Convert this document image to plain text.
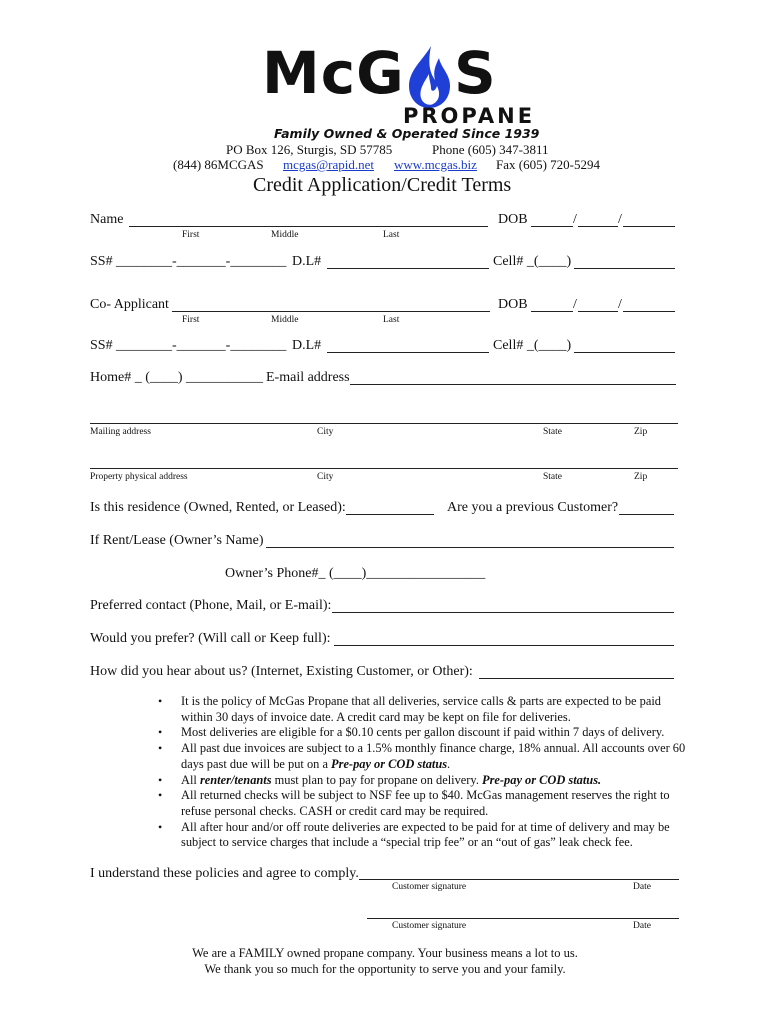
McG S
PROPANE
Family Owned & Operated Since 1939
PO Box 126, Sturgis, SD 57785	Phone (605) 347-3811
(844) 86MCGAS mcgas@rapid.net www.mcgas.biz Fax (605) 720-5294
Credit Application/Credit Terms
Name	DOB	/	/
First	Middle	Last
SS# ________-_______-________ D.L#	Cell# _(____)
Co- Applicant	DOB	/	/
First	Middle	Last
SS# ________-_______-________ D.L#	Cell# _(____)
Home# _ (____) ___________ E-mail address
Mailing address	City	State	Zip
Property physical address	City	State	Zip
Is this residence (Owned, Rented, or Leased):	Are you a previous Customer?
If Rent/Lease (Owner’s Name)
Owner’s Phone#_ (____)_________________
Preferred contact (Phone, Mail, or E-mail):
Would you prefer? (Will call or Keep full):
How did you hear about us? (Internet, Existing Customer, or Other):
• It is the policy of McGas Propane that all deliveries, service calls & parts are expected to be paid within 30 days of invoice date. A credit card may be kept on file for deliveries.
• Most deliveries are eligible for a $0.10 cents per gallon discount if paid within 7 days of delivery.
• All past due invoices are subject to a 1.5% monthly finance charge, 18% annual. All accounts over 60 days past due will be put on a Pre-pay or COD status.
• All renter/tenants must plan to pay for propane on delivery. Pre-pay or COD status.
• All returned checks will be subject to NSF fee up to $40. McGas management reserves the right to refuse personal checks. CASH or credit card may be required.
• All after hour and/or off route deliveries are expected to be paid for at time of delivery and may be subject to service charges that include a “special trip fee” or an “out of gas” leak check fee.
I understand these policies and agree to comply.
Customer signature	Date
Customer signature	Date
We are a FAMILY owned propane company. Your business means a lot to us.
We thank you so much for the opportunity to serve you and your family.
